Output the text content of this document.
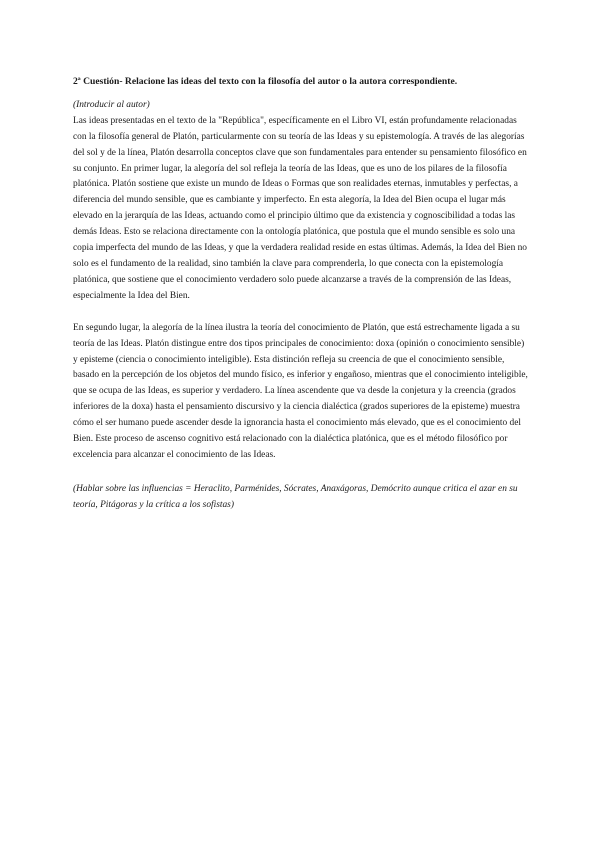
2ª Cuestión- Relacione las ideas del texto con la filosofía del autor o la autora correspondiente.

(Introducir al autor)

Las ideas presentadas en el texto de la "República", específicamente en el Libro VI, están profundamente relacionadas con la filosofía general de Platón, particularmente con su teoría de las Ideas y su epistemología. A través de las alegorías del sol y de la línea, Platón desarrolla conceptos clave que son fundamentales para entender su pensamiento filosófico en su conjunto. En primer lugar, la alegoría del sol refleja la teoría de las Ideas, que es uno de los pilares de la filosofía platónica. Platón sostiene que existe un mundo de Ideas o Formas que son realidades eternas, inmutables y perfectas, a diferencia del mundo sensible, que es cambiante y imperfecto. En esta alegoría, la Idea del Bien ocupa el lugar más elevado en la jerarquía de las Ideas, actuando como el principio último que da existencia y cognoscibilidad a todas las demás Ideas. Esto se relaciona directamente con la ontología platónica, que postula que el mundo sensible es solo una copia imperfecta del mundo de las Ideas, y que la verdadera realidad reside en estas últimas. Además, la Idea del Bien no solo es el fundamento de la realidad, sino también la clave para comprenderla, lo que conecta con la epistemología platónica, que sostiene que el conocimiento verdadero solo puede alcanzarse a través de la comprensión de las Ideas, especialmente la Idea del Bien.

En segundo lugar, la alegoría de la línea ilustra la teoría del conocimiento de Platón, que está estrechamente ligada a su teoría de las Ideas. Platón distingue entre dos tipos principales de conocimiento: doxa (opinión o conocimiento sensible) y episteme (ciencia o conocimiento inteligible). Esta distinción refleja su creencia de que el conocimiento sensible, basado en la percepción de los objetos del mundo físico, es inferior y engañoso, mientras que el conocimiento inteligible, que se ocupa de las Ideas, es superior y verdadero. La línea ascendente que va desde la conjetura y la creencia (grados inferiores de la doxa) hasta el pensamiento discursivo y la ciencia dialéctica (grados superiores de la episteme) muestra cómo el ser humano puede ascender desde la ignorancia hasta el conocimiento más elevado, que es el conocimiento del Bien. Este proceso de ascenso cognitivo está relacionado con la dialéctica platónica, que es el método filosófico por excelencia para alcanzar el conocimiento de las Ideas.

(Hablar sobre las influencias = Heraclito, Parménides, Sócrates, Anaxágoras, Demócrito aunque critica el azar en su teoría, Pitágoras y la crítica a los sofistas)
